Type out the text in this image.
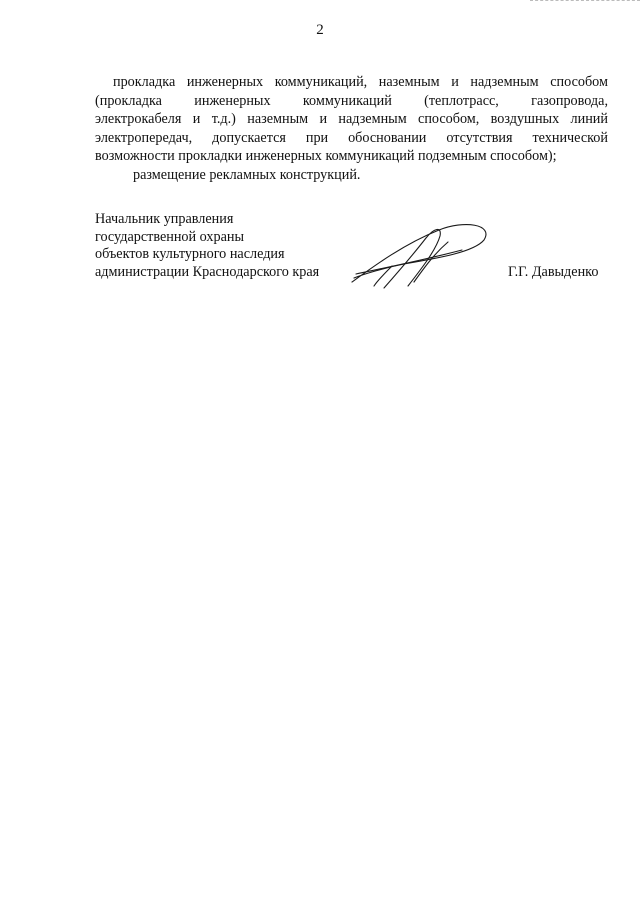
2
прокладка инженерных коммуникаций, наземным и надземным способом
(прокладка инженерных коммуникаций (теплотрасс, газопровода,
электрокабеля и т.д.) наземным и надземным способом, воздушных линий
электропередач, допускается при обосновании отсутствия технической
возможности прокладки инженерных коммуникаций подземным способом);
размещение рекламных конструкций.
Начальник управления
государственной охраны
объектов культурного наследия
администрации Краснодарского края	Г.Г. Давыденко
